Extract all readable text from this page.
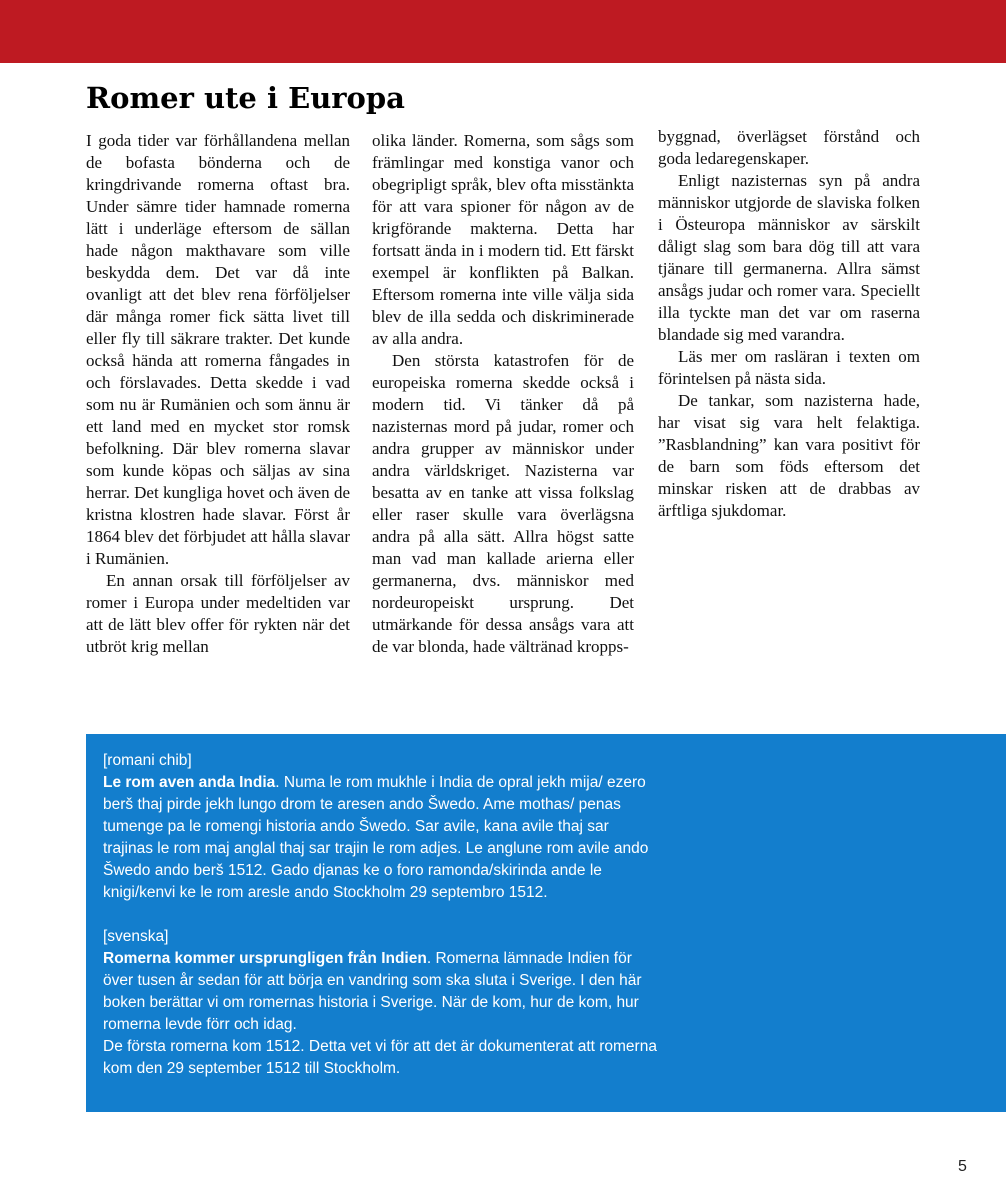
Romer ute i Europa

I goda tider var förhållandena mellan de bofasta bönderna och de kringdrivande romerna oftast bra. Under sämre tider hamnade romerna lätt i underläge eftersom de sällan hade någon makthavare som ville beskydda dem. Det var då inte ovanligt att det blev rena förföljelser där många romer fick sätta livet till eller fly till säkrare trakter. Det kunde också hända att romerna fångades in och förslavades. Detta skedde i vad som nu är Rumänien och som ännu är ett land med en mycket stor romsk befolkning. Där blev romerna slavar som kunde köpas och säljas av sina herrar. Det kungliga hovet och även de kristna klostren hade slavar. Först år 1864 blev det förbjudet att hålla slavar i Rumänien.

En annan orsak till förföljelser av romer i Europa under medeltiden var att de lätt blev offer för rykten när det utbröt krig mellan

olika länder. Romerna, som sågs som främlingar med konstiga vanor och obegripligt språk, blev ofta misstänkta för att vara spioner för någon av de krigförande makterna. Detta har fortsatt ända in i modern tid. Ett färskt exempel är konflikten på Balkan. Eftersom romerna inte ville välja sida blev de illa sedda och diskriminerade av alla andra.

Den största katastrofen för de europeiska romerna skedde också i modern tid. Vi tänker då på nazisternas mord på judar, romer och andra grupper av människor under andra världskriget. Nazisterna var besatta av en tanke att vissa folkslag eller raser skulle vara överlägsna andra på alla sätt. Allra högst satte man vad man kallade arierna eller germanerna, dvs. människor med nordeuropeiskt ursprung. Det utmärkande för dessa ansågs vara att de var blonda, hade vältränad kropps-

byggnad, överlägset förstånd och goda ledaregenskaper.

Enligt nazisternas syn på andra människor utgjorde de slaviska folken i Östeuropa människor av särskilt dåligt slag som bara dög till att vara tjänare till germanerna. Allra sämst ansågs judar och romer vara. Speciellt illa tyckte man det var om raserna blandade sig med varandra.

Läs mer om rasläran i texten om förintelsen på nästa sida.

De tankar, som nazisterna hade, har visat sig vara helt felaktiga. ”Rasblandning” kan vara positivt för de barn som föds eftersom det minskar risken att de drabbas av ärftliga sjukdomar.

[romani chib]

Le rom aven anda India. Numa le rom mukhle i India de opral jekh mija/ ezero berš thaj pirde jekh lungo drom te aresen ando Šwedo. Ame mothas/ penas tumenge pa le romengi historia ando Šwedo. Sar avile, kana avile thaj sar trajinas le rom maj anglal thaj sar trajin le rom adjes. Le anglune rom avile ando Šwedo ando berš 1512. Gado djanas ke o foro ramonda/skirinda ande le knigi/kenvi ke le rom aresle ando Stockholm 29 septembro 1512.

[svenska]

Romerna kommer ursprungligen från Indien. Romerna lämnade Indien för över tusen år sedan för att börja en vandring som ska sluta i Sverige. I den här boken berättar vi om romernas historia i Sverige. När de kom, hur de kom, hur romerna levde förr och idag.

De första romerna kom 1512. Detta vet vi för att det är dokumenterat att romerna kom den 29 september 1512 till Stockholm.

5
